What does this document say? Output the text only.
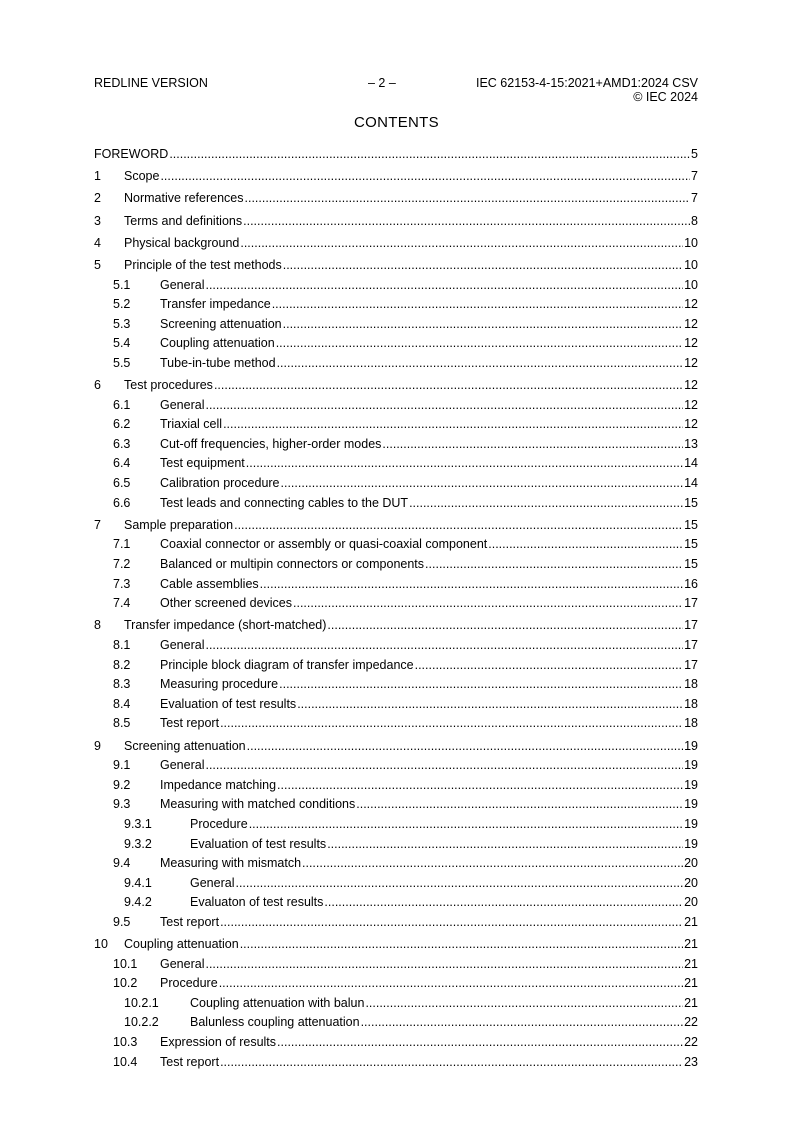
REDLINE VERSION	– 2 –	IEC 62153-4-15:2021+AMD1:2024 CSV
© IEC 2024
CONTENTS
FOREWORD .....	5
1 Scope .....	7
2 Normative references .....	7
3 Terms and definitions .....	8
4 Physical background .....	10
5 Principle of the test methods .....	10
5.1 General .....	10
5.2 Transfer impedance .....	12
5.3 Screening attenuation .....	12
5.4 Coupling attenuation .....	12
5.5 Tube-in-tube method .....	12
6 Test procedures .....	12
6.1 General .....	12
6.2 Triaxial cell .....	12
6.3 Cut-off frequencies, higher-order modes .....	13
6.4 Test equipment .....	14
6.5 Calibration procedure .....	14
6.6 Test leads and connecting cables to the DUT .....	15
7 Sample preparation .....	15
7.1 Coaxial connector or assembly or quasi-coaxial component .....	15
7.2 Balanced or multipin connectors or components .....	15
7.3 Cable assemblies .....	16
7.4 Other screened devices .....	17
8 Transfer impedance (short-matched) .....	17
8.1 General .....	17
8.2 Principle block diagram of transfer impedance .....	17
8.3 Measuring procedure .....	18
8.4 Evaluation of test results .....	18
8.5 Test report .....	18
9 Screening attenuation .....	19
9.1 General .....	19
9.2 Impedance matching .....	19
9.3 Measuring with matched conditions .....	19
9.3.1	Procedure .....	19
9.3.2	Evaluation of test results .....	19
9.4 Measuring with mismatch .....	20
9.4.1	General .....	20
9.4.2	Evaluaton of test results .....	20
9.5 Test report .....	21
10 Coupling attenuation .....	21
10.1 General .....	21
10.2 Procedure .....	21
10.2.1 Coupling attenuation with balun .....	21
10.2.2 Balunless coupling attenuation .....	22
10.3 Expression of results .....	22
10.4 Test report .....	23
